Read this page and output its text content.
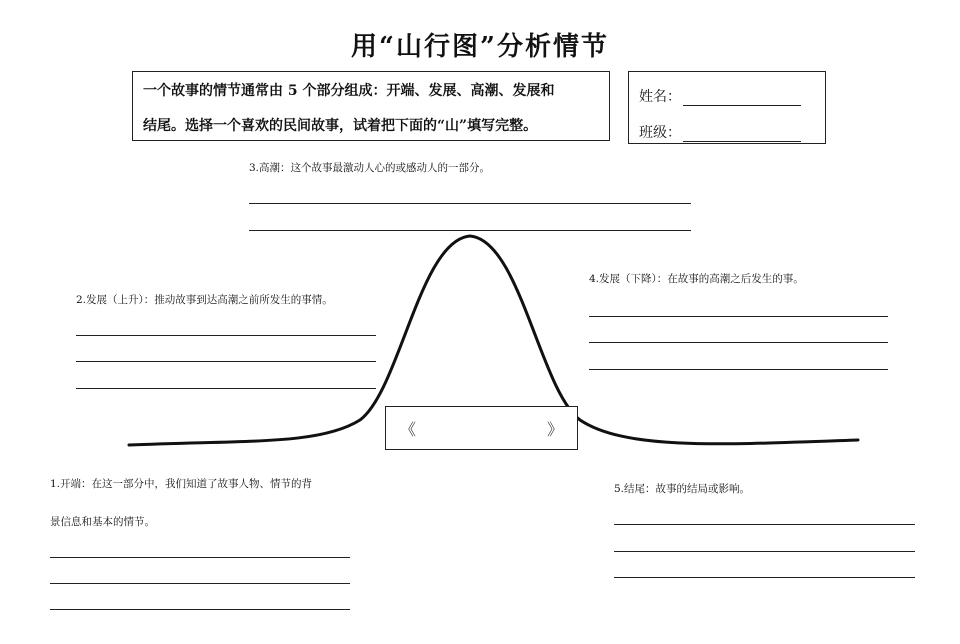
用“山行图”分析情节
一个故事的情节通常由 5 个部分组成：开端、发展、高潮、发展和
结尾。选择一个喜欢的民间故事，试着把下面的“山”填写完整。
姓名：
班级：
3.高潮：这个故事最激动人心的或感动人的一部分。
2.发展（上升）：推动故事到达高潮之前所发生的事情。
4.发展（下降）：在故事的高潮之后发生的事。
《	》
1.开端：在这一部分中，我们知道了故事人物、情节的背
景信息和基本的情节。
5.结尾：故事的结局或影响。
